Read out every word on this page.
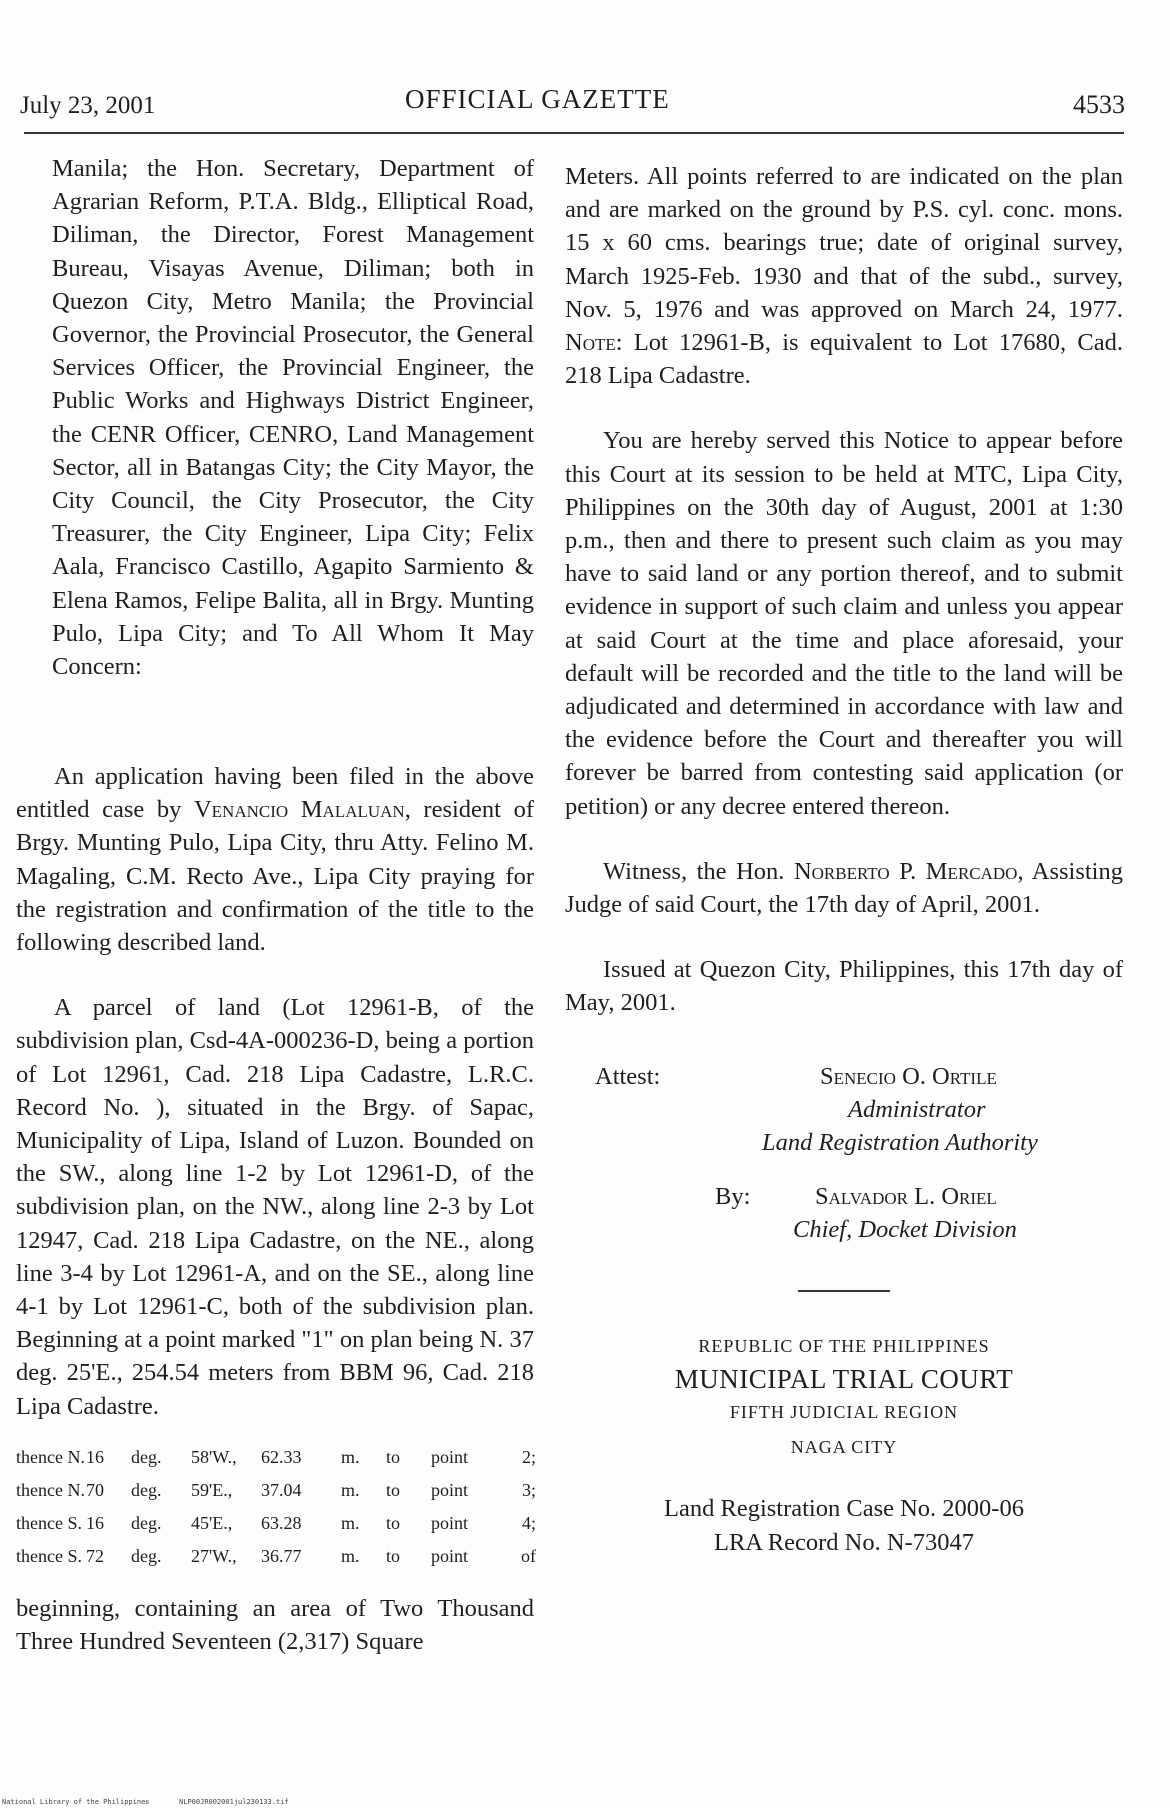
July 23, 2001	OFFICIAL GAZETTE	4533

Manila; the Hon. Secretary, Department of Agrarian Reform, P.T.A. Bldg., Elliptical Road, Diliman, the Director, Forest Management Bureau, Visayas Avenue, Diliman; both in Quezon City, Metro Manila; the Provincial Governor, the Provincial Prosecutor, the General Services Officer, the Provincial Engineer, the Public Works and Highways District Engineer, the CENR Officer, CENRO, Land Management Sector, all in Batangas City; the City Mayor, the City Council, the City Prosecutor, the City Treasurer, the City Engineer, Lipa City; Felix Aala, Francisco Castillo, Agapito Sarmiento & Elena Ramos, Felipe Balita, all in Brgy. Munting Pulo, Lipa City; and To All Whom It May Concern:

An application having been filed in the above entitled case by Venancio Malaluan, resident of Brgy. Munting Pulo, Lipa City, thru Atty. Felino M. Magaling, C.M. Recto Ave., Lipa City praying for the registration and confirmation of the title to the following described land.

A parcel of land (Lot 12961-B, of the subdivision plan, Csd-4A-000236-D, being a portion of Lot 12961, Cad. 218 Lipa Cadastre, L.R.C. Record No. ), situated in the Brgy. of Sapac, Municipality of Lipa, Island of Luzon. Bounded on the SW., along line 1-2 by Lot 12961-D, of the subdivision plan, on the NW., along line 2-3 by Lot 12947, Cad. 218 Lipa Cadastre, on the NE., along line 3-4 by Lot 12961-A, and on the SE., along line 4-1 by Lot 12961-C, both of the subdivision plan. Beginning at a point marked "1" on plan being N. 37 deg. 25'E., 254.54 meters from BBM 96, Cad. 218 Lipa Cadastre.

thence N.	16	deg.	58'W.,	62.33	m.	to	point	2;
thence N.	70	deg.	59'E.,	37.04	m.	to	point	3;
thence S.	16	deg.	45'E.,	63.28	m.	to	point	4;
thence S.	72	deg.	27'W.,	36.77	m.	to	point	of

beginning, containing an area of Two Thousand Three Hundred Seventeen (2,317) Square

Meters. All points referred to are indicated on the plan and are marked on the ground by P.S. cyl. conc. mons. 15 x 60 cms. bearings true; date of original survey, March 1925-Feb. 1930 and that of the subd., survey, Nov. 5, 1976 and was approved on March 24, 1977. Note: Lot 12961-B, is equivalent to Lot 17680, Cad. 218 Lipa Cadastre.

You are hereby served this Notice to appear before this Court at its session to be held at MTC, Lipa City, Philippines on the 30th day of August, 2001 at 1:30 p.m., then and there to present such claim as you may have to said land or any portion thereof, and to submit evidence in support of such claim and unless you appear at said Court at the time and place aforesaid, your default will be recorded and the title to the land will be adjudicated and determined in accordance with law and the evidence before the Court and thereafter you will forever be barred from contesting said application (or petition) or any decree entered thereon.

Witness, the Hon. Norberto P. Mercado, Assisting Judge of said Court, the 17th day of April, 2001.

Issued at Quezon City, Philippines, this 17th day of May, 2001.

Attest:	Senecio O. Ortile
Administrator
Land Registration Authority
By:	Salvador L. Oriel
Chief, Docket Division
REPUBLIC OF THE PHILIPPINES
MUNICIPAL TRIAL COURT
FIFTH JUDICIAL REGION
NAGA CITY
Land Registration Case No. 2000-06
LRA Record No. N-73047
National Library of the Philippines	NLP00JR002001jul230133.tif
